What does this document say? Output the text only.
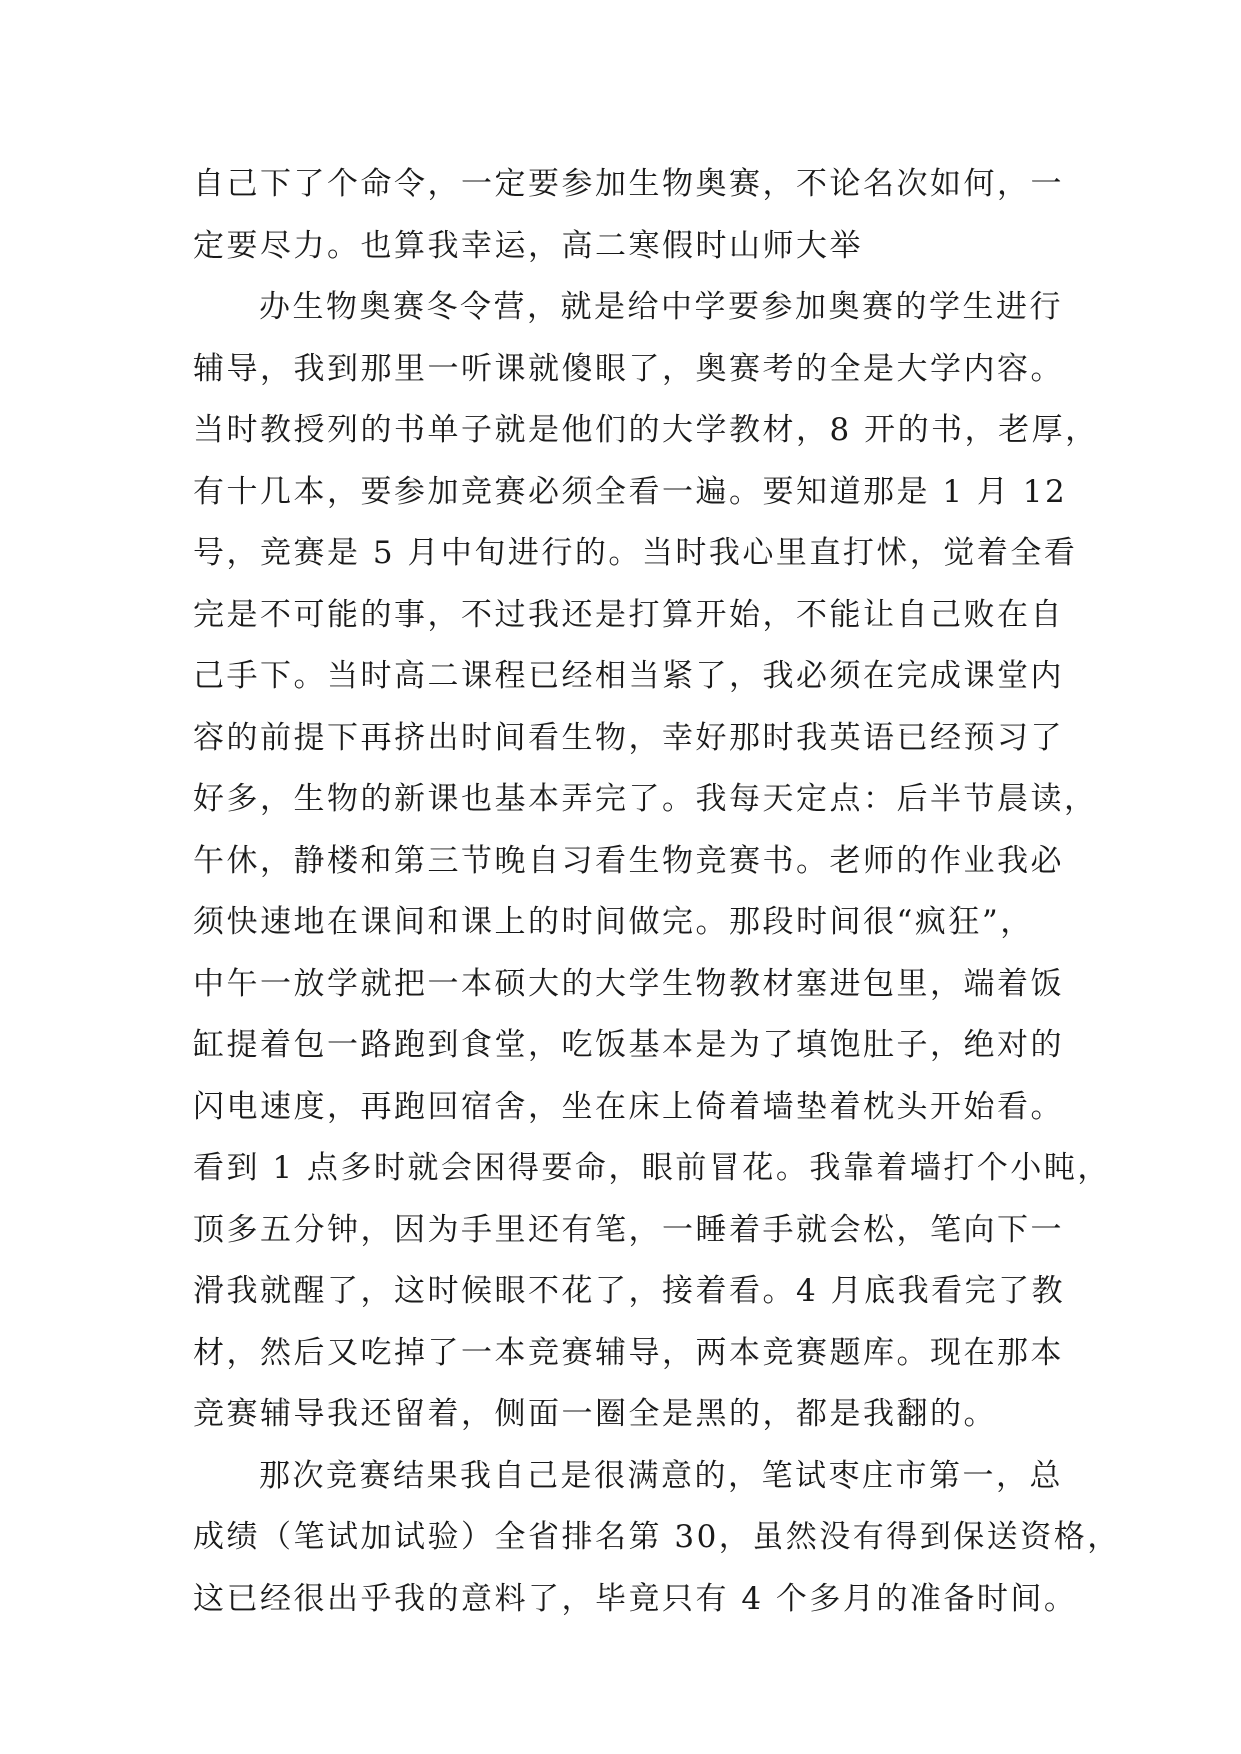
自己下了个命令，一定要参加生物奥赛，不论名次如何，一
定要尽力。也算我幸运，高二寒假时山师大举
办生物奥赛冬令营，就是给中学要参加奥赛的学生进行
辅导，我到那里一听课就傻眼了，奥赛考的全是大学内容。
当时教授列的书单子就是他们的大学教材，8 开的书，老厚，
有十几本，要参加竞赛必须全看一遍。要知道那是 1 月 12
号，竞赛是 5 月中旬进行的。当时我心里直打怵，觉着全看
完是不可能的事，不过我还是打算开始，不能让自己败在自
己手下。当时高二课程已经相当紧了，我必须在完成课堂内
容的前提下再挤出时间看生物，幸好那时我英语已经预习了
好多，生物的新课也基本弄完了。我每天定点：后半节晨读，
午休，静楼和第三节晚自习看生物竞赛书。老师的作业我必
须快速地在课间和课上的时间做完。那段时间很“疯狂”，
中午一放学就把一本硕大的大学生物教材塞进包里，端着饭
缸提着包一路跑到食堂，吃饭基本是为了填饱肚子，绝对的
闪电速度，再跑回宿舍，坐在床上倚着墙垫着枕头开始看。
看到 1 点多时就会困得要命，眼前冒花。我靠着墙打个小盹，
顶多五分钟，因为手里还有笔，一睡着手就会松，笔向下一
滑我就醒了，这时候眼不花了，接着看。4 月底我看完了教
材，然后又吃掉了一本竞赛辅导，两本竞赛题库。现在那本
竞赛辅导我还留着，侧面一圈全是黑的，都是我翻的。
那次竞赛结果我自己是很满意的，笔试枣庄市第一，总
成绩（笔试加试验）全省排名第 30，虽然没有得到保送资格，
这已经很出乎我的意料了，毕竟只有 4 个多月的准备时间。
